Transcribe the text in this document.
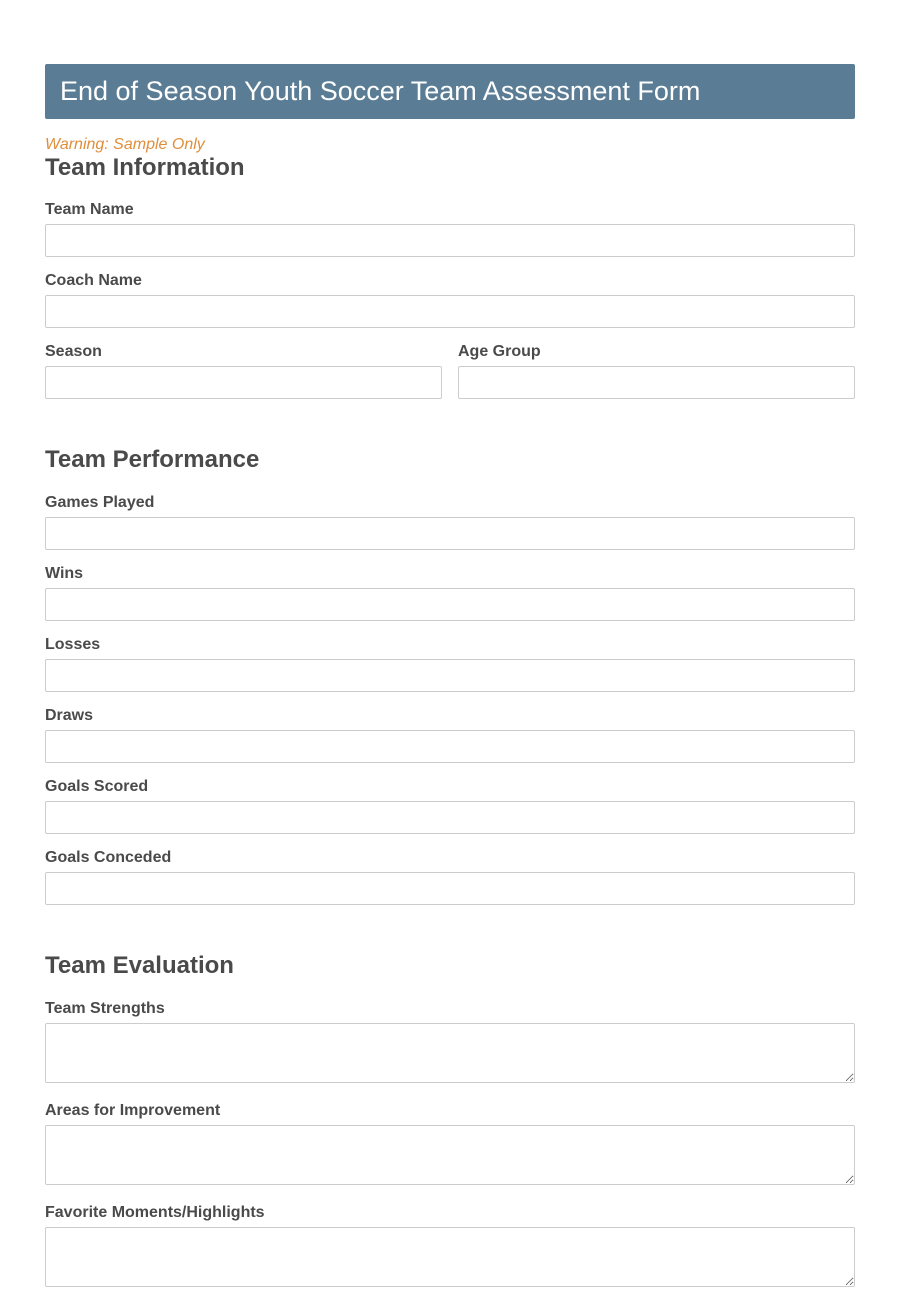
End of Season Youth Soccer Team Assessment Form
Warning: Sample Only
Team Information
Team Name
Coach Name
Season	Age Group
Team Performance
Games Played
Wins
Losses
Draws
Goals Scored
Goals Conceded
Team Evaluation
Team Strengths
Areas for Improvement
Favorite Moments/Highlights
